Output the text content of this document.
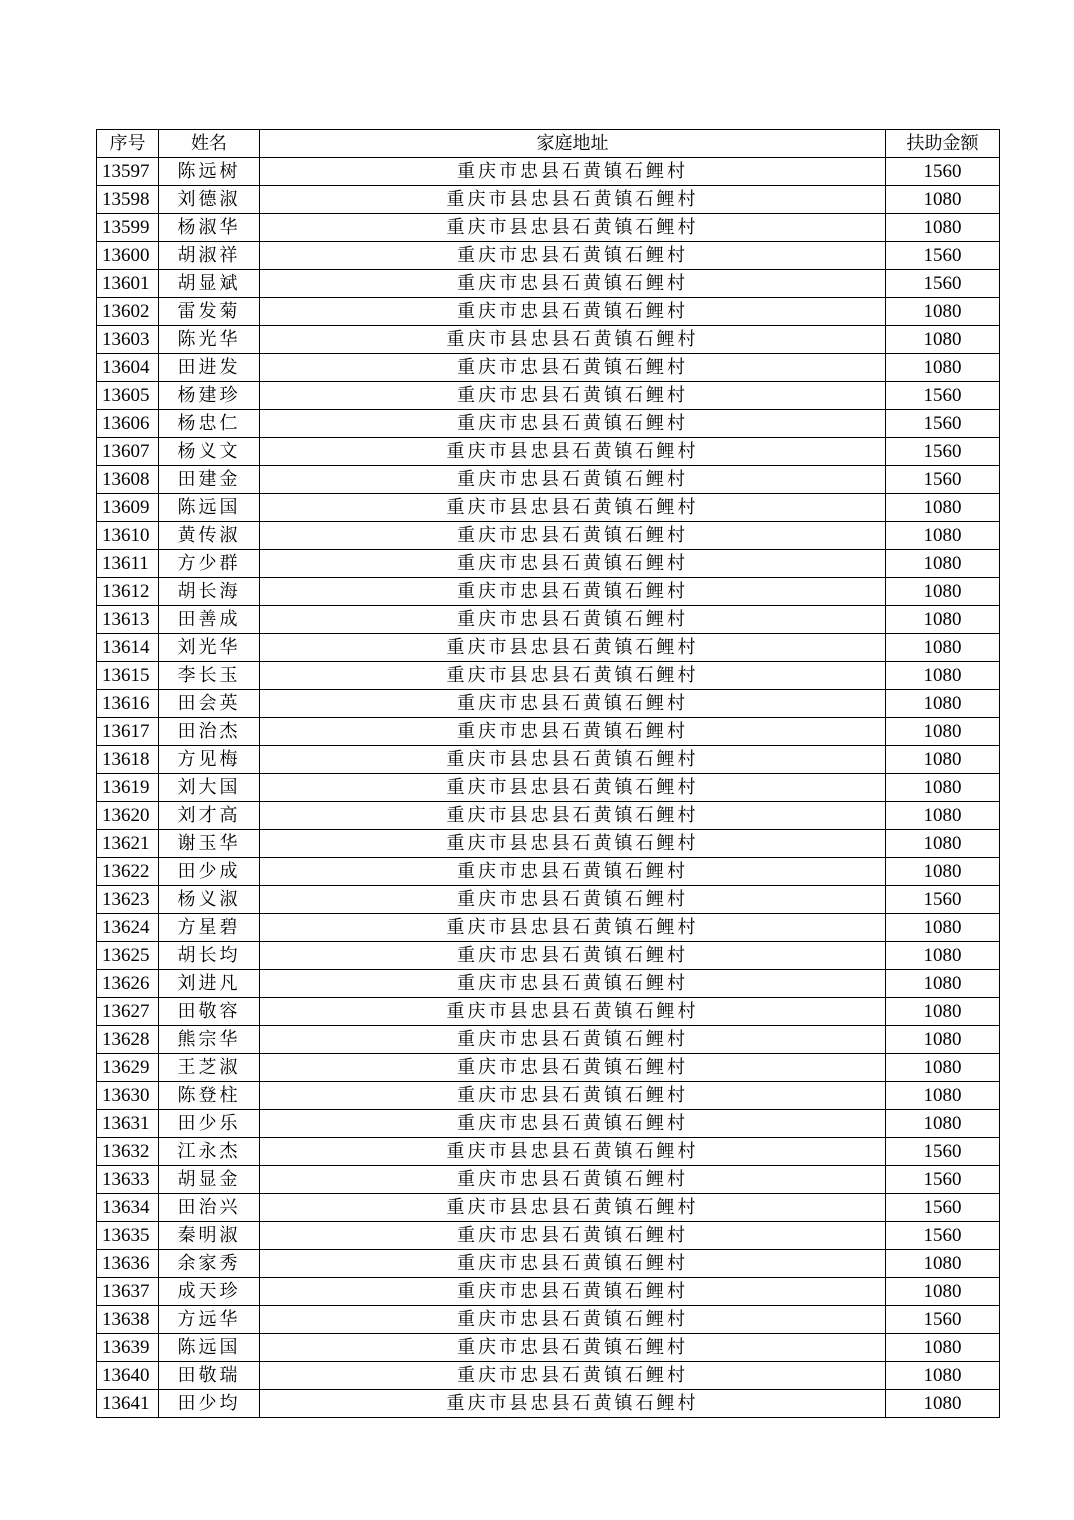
序号	姓名	家庭地址	扶助金额
13597	陈远树	重庆市忠县石黄镇石鲤村	1560
13598	刘德淑	重庆市县忠县石黄镇石鲤村	1080
13599	杨淑华	重庆市县忠县石黄镇石鲤村	1080
13600	胡淑祥	重庆市忠县石黄镇石鲤村	1560
13601	胡显斌	重庆市忠县石黄镇石鲤村	1560
13602	雷发菊	重庆市忠县石黄镇石鲤村	1080
13603	陈光华	重庆市县忠县石黄镇石鲤村	1080
13604	田进发	重庆市忠县石黄镇石鲤村	1080
13605	杨建珍	重庆市忠县石黄镇石鲤村	1560
13606	杨忠仁	重庆市忠县石黄镇石鲤村	1560
13607	杨义文	重庆市县忠县石黄镇石鲤村	1560
13608	田建金	重庆市忠县石黄镇石鲤村	1560
13609	陈远国	重庆市县忠县石黄镇石鲤村	1080
13610	黄传淑	重庆市忠县石黄镇石鲤村	1080
13611	方少群	重庆市忠县石黄镇石鲤村	1080
13612	胡长海	重庆市忠县石黄镇石鲤村	1080
13613	田善成	重庆市忠县石黄镇石鲤村	1080
13614	刘光华	重庆市县忠县石黄镇石鲤村	1080
13615	李长玉	重庆市县忠县石黄镇石鲤村	1080
13616	田会英	重庆市忠县石黄镇石鲤村	1080
13617	田治杰	重庆市忠县石黄镇石鲤村	1080
13618	方见梅	重庆市县忠县石黄镇石鲤村	1080
13619	刘大国	重庆市县忠县石黄镇石鲤村	1080
13620	刘才高	重庆市县忠县石黄镇石鲤村	1080
13621	谢玉华	重庆市县忠县石黄镇石鲤村	1080
13622	田少成	重庆市忠县石黄镇石鲤村	1080
13623	杨义淑	重庆市忠县石黄镇石鲤村	1560
13624	方星碧	重庆市县忠县石黄镇石鲤村	1080
13625	胡长均	重庆市忠县石黄镇石鲤村	1080
13626	刘进凡	重庆市忠县石黄镇石鲤村	1080
13627	田敬容	重庆市县忠县石黄镇石鲤村	1080
13628	熊宗华	重庆市忠县石黄镇石鲤村	1080
13629	王芝淑	重庆市忠县石黄镇石鲤村	1080
13630	陈登柱	重庆市忠县石黄镇石鲤村	1080
13631	田少乐	重庆市忠县石黄镇石鲤村	1080
13632	江永杰	重庆市县忠县石黄镇石鲤村	1560
13633	胡显金	重庆市忠县石黄镇石鲤村	1560
13634	田治兴	重庆市县忠县石黄镇石鲤村	1560
13635	秦明淑	重庆市忠县石黄镇石鲤村	1560
13636	余家秀	重庆市忠县石黄镇石鲤村	1080
13637	成天珍	重庆市忠县石黄镇石鲤村	1080
13638	方远华	重庆市忠县石黄镇石鲤村	1560
13639	陈远国	重庆市忠县石黄镇石鲤村	1080
13640	田敬瑞	重庆市忠县石黄镇石鲤村	1080
13641	田少均	重庆市县忠县石黄镇石鲤村	1080
